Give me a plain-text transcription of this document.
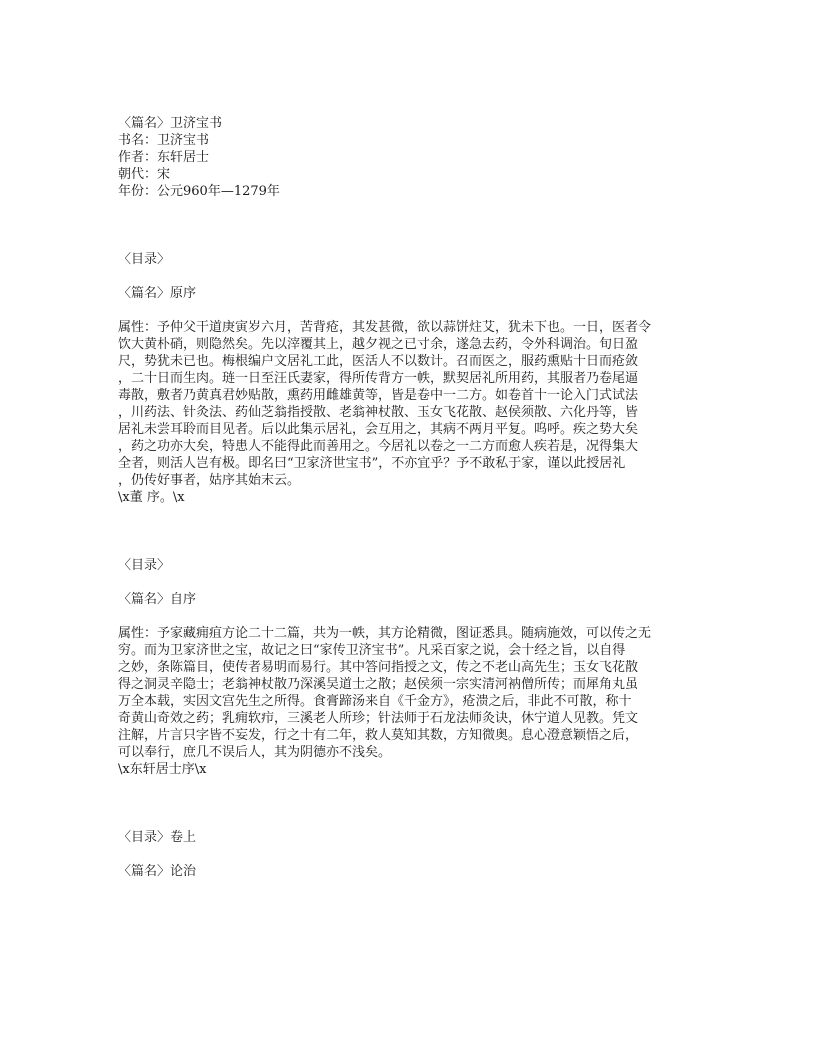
〈篇名〉卫济宝书

书名：卫济宝书

作者：东轩居士

朝代：宋

年份：公元960年—1279年

〈目录〉

〈篇名〉原序

属性：予仲父干道庚寅岁六月，苦背疮，其发甚微，欲以蒜饼炷艾，犹未下也。一日，医者令
饮大黄朴硝，则隐然矣。先以滓覆其上，越夕视之已寸余，遂急去药，令外科调治。旬日盈
尺，势犹未已也。梅根编户文居礼工此，医活人不以数计。召而医之，服药熏贴十日而疮敛
，二十日而生肉。琏一日至汪氏妻家，得所传背方一帙，默契居礼所用药，其服者乃卷尾逼
毒散，敷者乃黄真君妙贴散，熏药用雌雄黄等，皆是卷中一二方。如卷首十一论入门式试法
，川药法、针灸法、药仙芝翁指授散、老翁神杖散、玉女飞花散、赵侯须散、六化丹等，皆
居礼未尝耳聆而目见者。后以此集示居礼，会互用之，其病不两月平复。呜呼。疾之势大矣
，药之功亦大矣，特患人不能得此而善用之。今居礼以卷之一二方而愈人疾若是，况得集大
全者，则活人岂有极。即名曰“卫家济世宝书”，不亦宜乎？予不敢私于家，谨以此授居礼
，仍传好事者，姑序其始末云。

\x董 序。\x

〈目录〉

〈篇名〉自序

属性：予家藏痈疽方论二十二篇，共为一帙，其方论精微，图证悉具。随病施效，可以传之无
穷。而为卫家济世之宝，故记之曰“家传卫济宝书”。凡采百家之说，会十经之旨，以自得
之妙，条陈篇目，使传者易明而易行。其中答问指授之文，传之不老山高先生；玉女飞花散
得之洞灵辛隐士；老翁神杖散乃深溪吴道士之散；赵侯须一宗实清河衲僧所传；而犀角丸虽
万全本载，实因文宫先生之所得。食膏蹄汤来自《千金方》，疮溃之后，非此不可散，称十
奇黄山奇效之药；乳痈软疖，三溪老人所珍；针法师于石龙法师灸诀，休宁道人见教。凭文
注解，片言只字皆不妄发，行之十有二年，救人莫知其数，方知微奥。息心澄意颖悟之后，
可以奉行，庶几不误后人，其为阴德亦不浅矣。

\x东轩居士序\x

〈目录〉卷上

〈篇名〉论治
